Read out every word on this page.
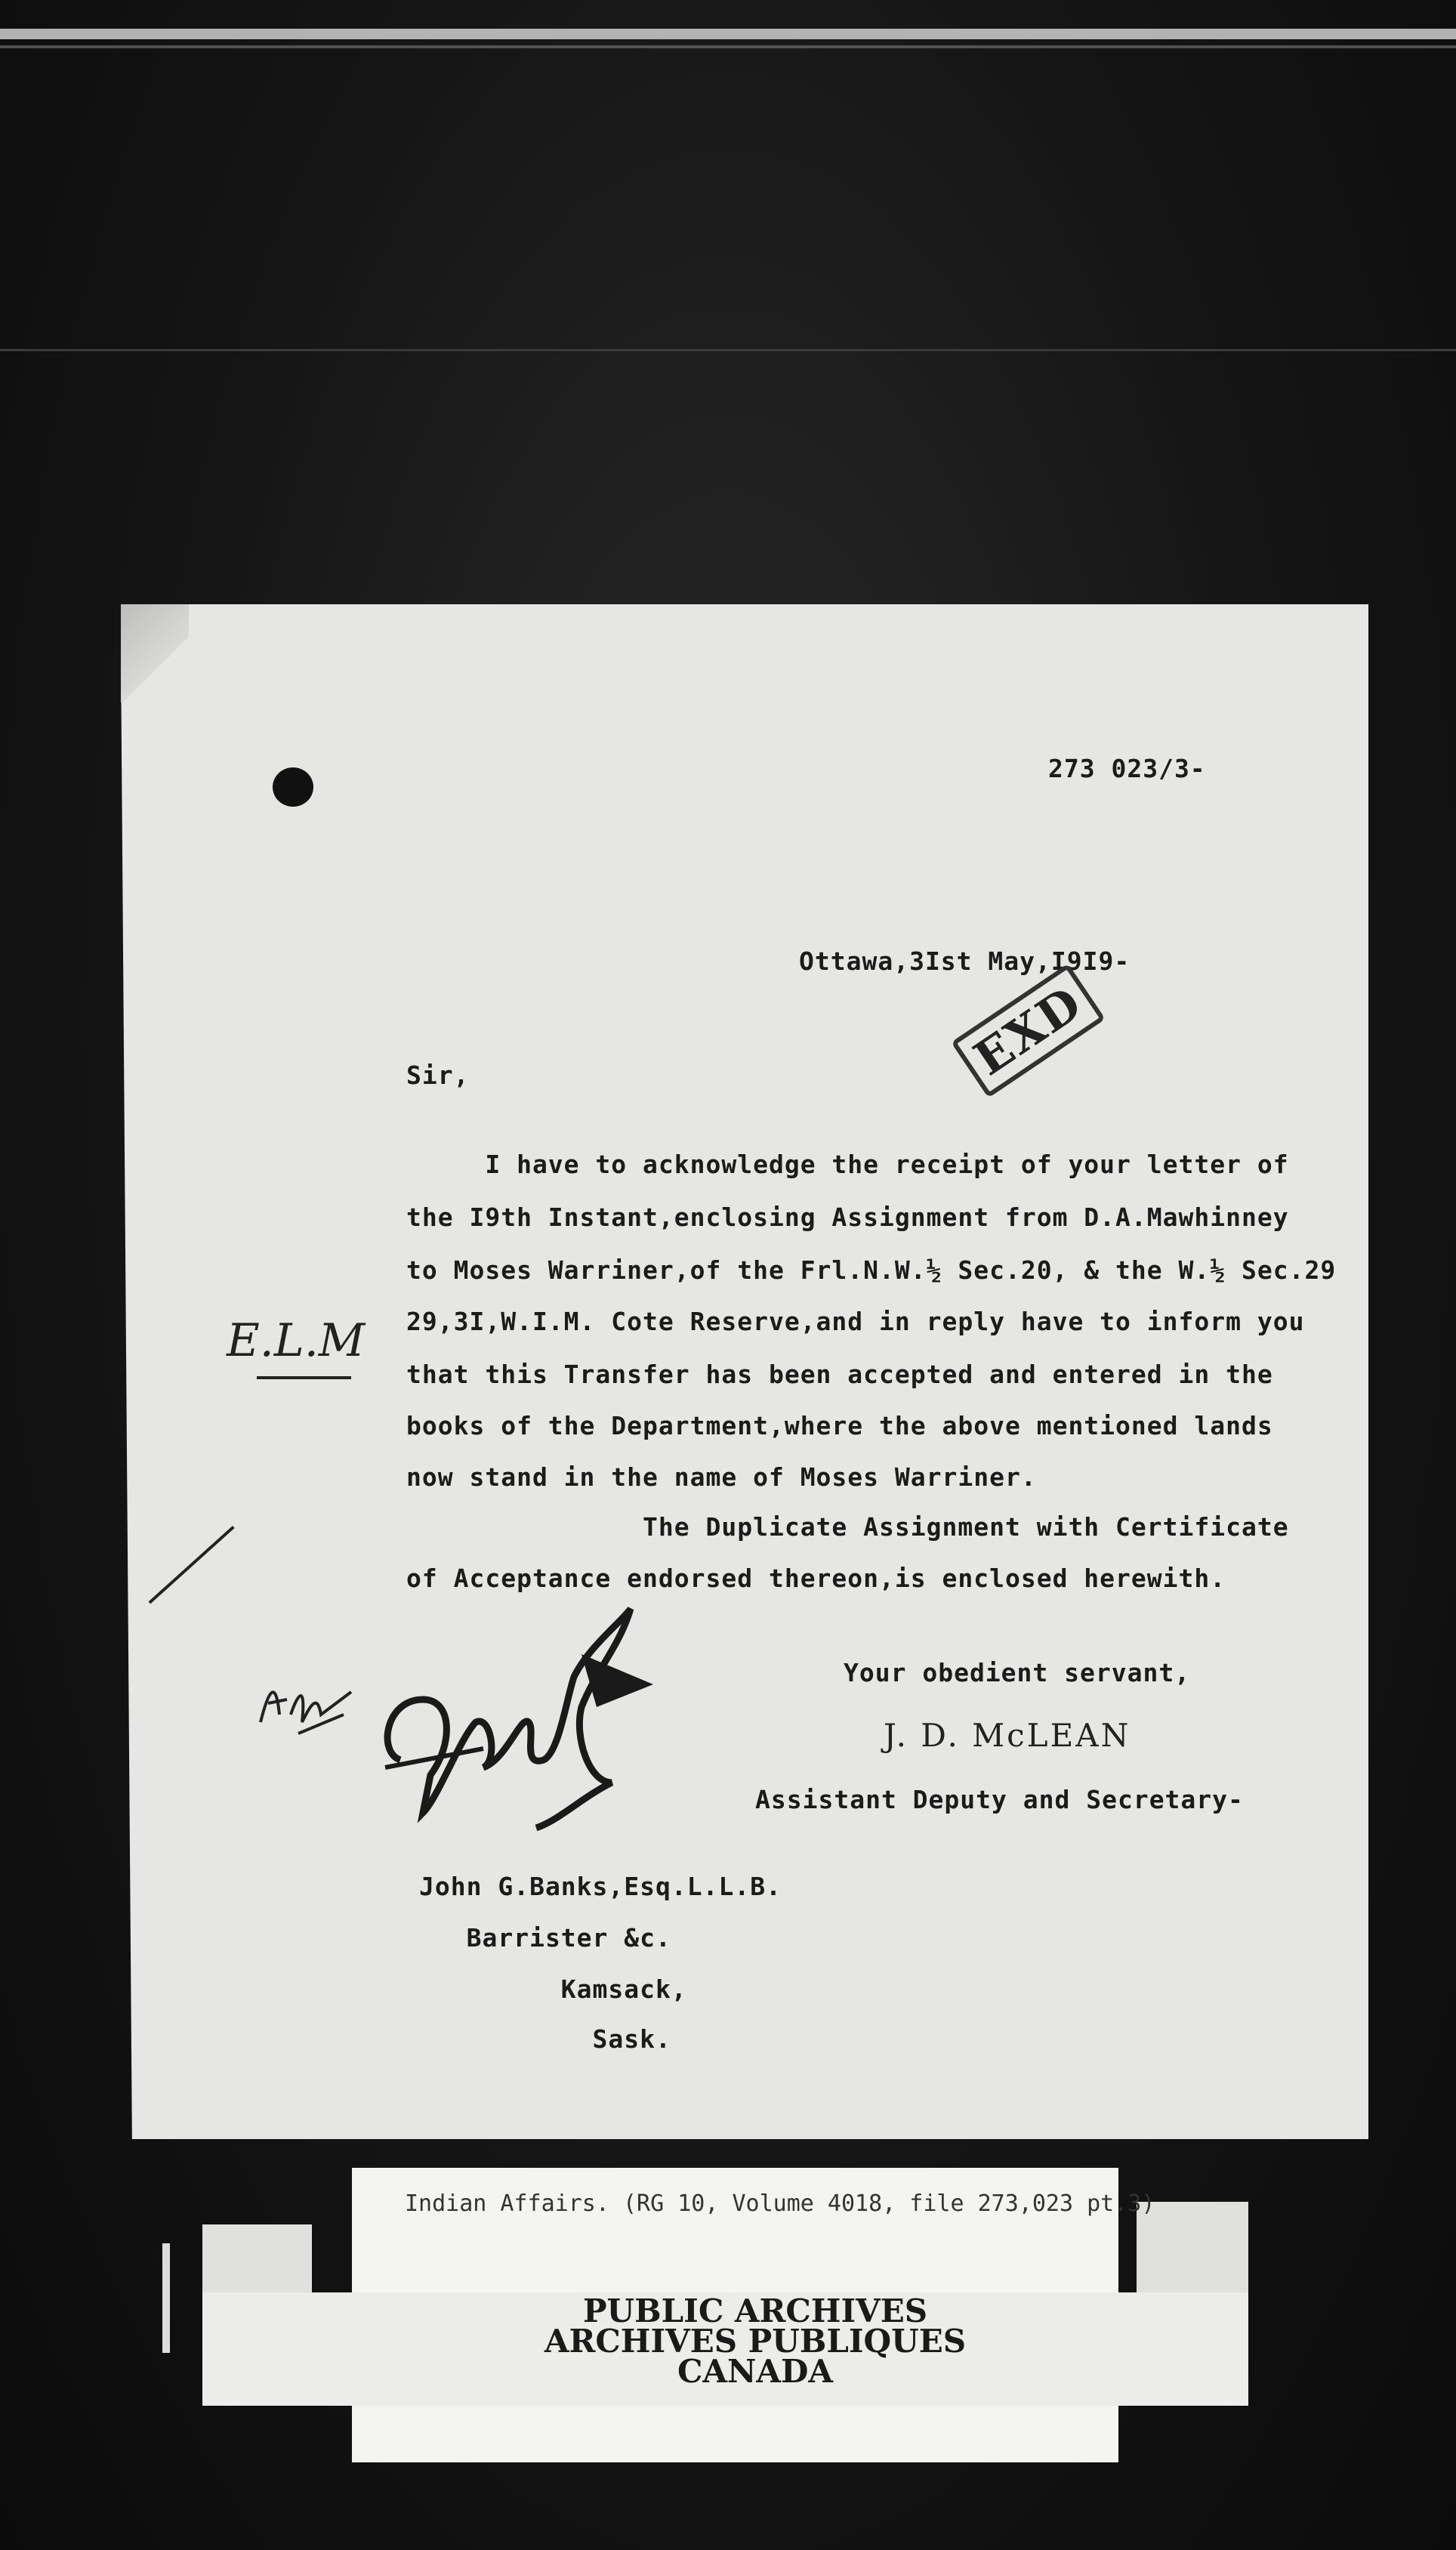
273 023/3-
Ottawa,3Ist May,I9I9-
EXD
Sir,
I have to acknowledge the receipt of your letter of
the I9th Instant,enclosing Assignment from D.A.Mawhinney
to Moses Warriner,of the Frl.N.W.½ Sec.20, & the W.½ Sec.29
29,3I,W.I.M. Cote Reserve,and in reply have to inform you
that this Transfer has been accepted and entered in the
books of the Department,where the above mentioned lands
now stand in the name of Moses Warriner.
The Duplicate Assignment with Certificate
of Acceptance endorsed thereon,is enclosed herewith.
E.L.M
Your obedient servant,
J. D. McLEAN
Assistant Deputy and Secretary-
John G.Banks,Esq.L.L.B.
Barrister &c.
Kamsack,
Sask.
Indian Affairs. (RG 10, Volume 4018, file 273,023 pt.3)
PUBLIC ARCHIVES
ARCHIVES PUBLIQUES
CANADA
